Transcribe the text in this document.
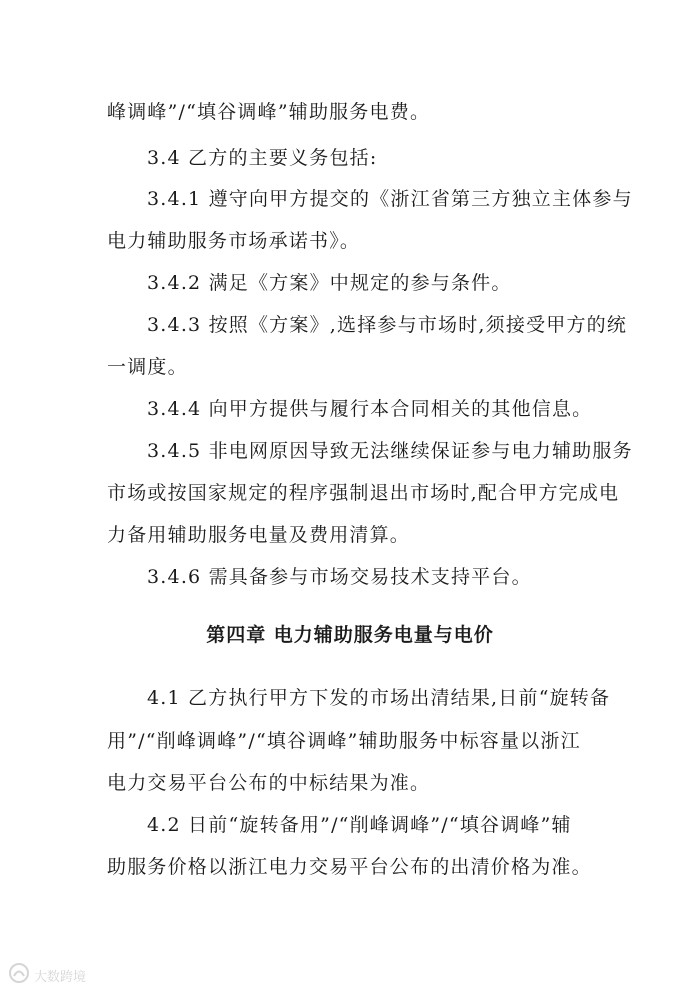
峰调峰”/“填谷调峰”辅助服务电费。
3.4 乙方的主要义务包括:
3.4.1 遵守向甲方提交的《浙江省第三方独立主体参与
电力辅助服务市场承诺书》。
3.4.2 满足《方案》中规定的参与条件。
3.4.3 按照《方案》,选择参与市场时,须接受甲方的统
一调度。
3.4.4 向甲方提供与履行本合同相关的其他信息。
3.4.5 非电网原因导致无法继续保证参与电力辅助服务
市场或按国家规定的程序强制退出市场时,配合甲方完成电
力备用辅助服务电量及费用清算。
3.4.6 需具备参与市场交易技术支持平台。
第四章 电力辅助服务电量与电价
4.1 乙方执行甲方下发的市场出清结果,日前“旋转备
用”/“削峰调峰”/“填谷调峰”辅助服务中标容量以浙江
电力交易平台公布的中标结果为准。
4.2 日前“旋转备用”/“削峰调峰”/“填谷调峰”辅
助服务价格以浙江电力交易平台公布的出清价格为准。
大数跨境
